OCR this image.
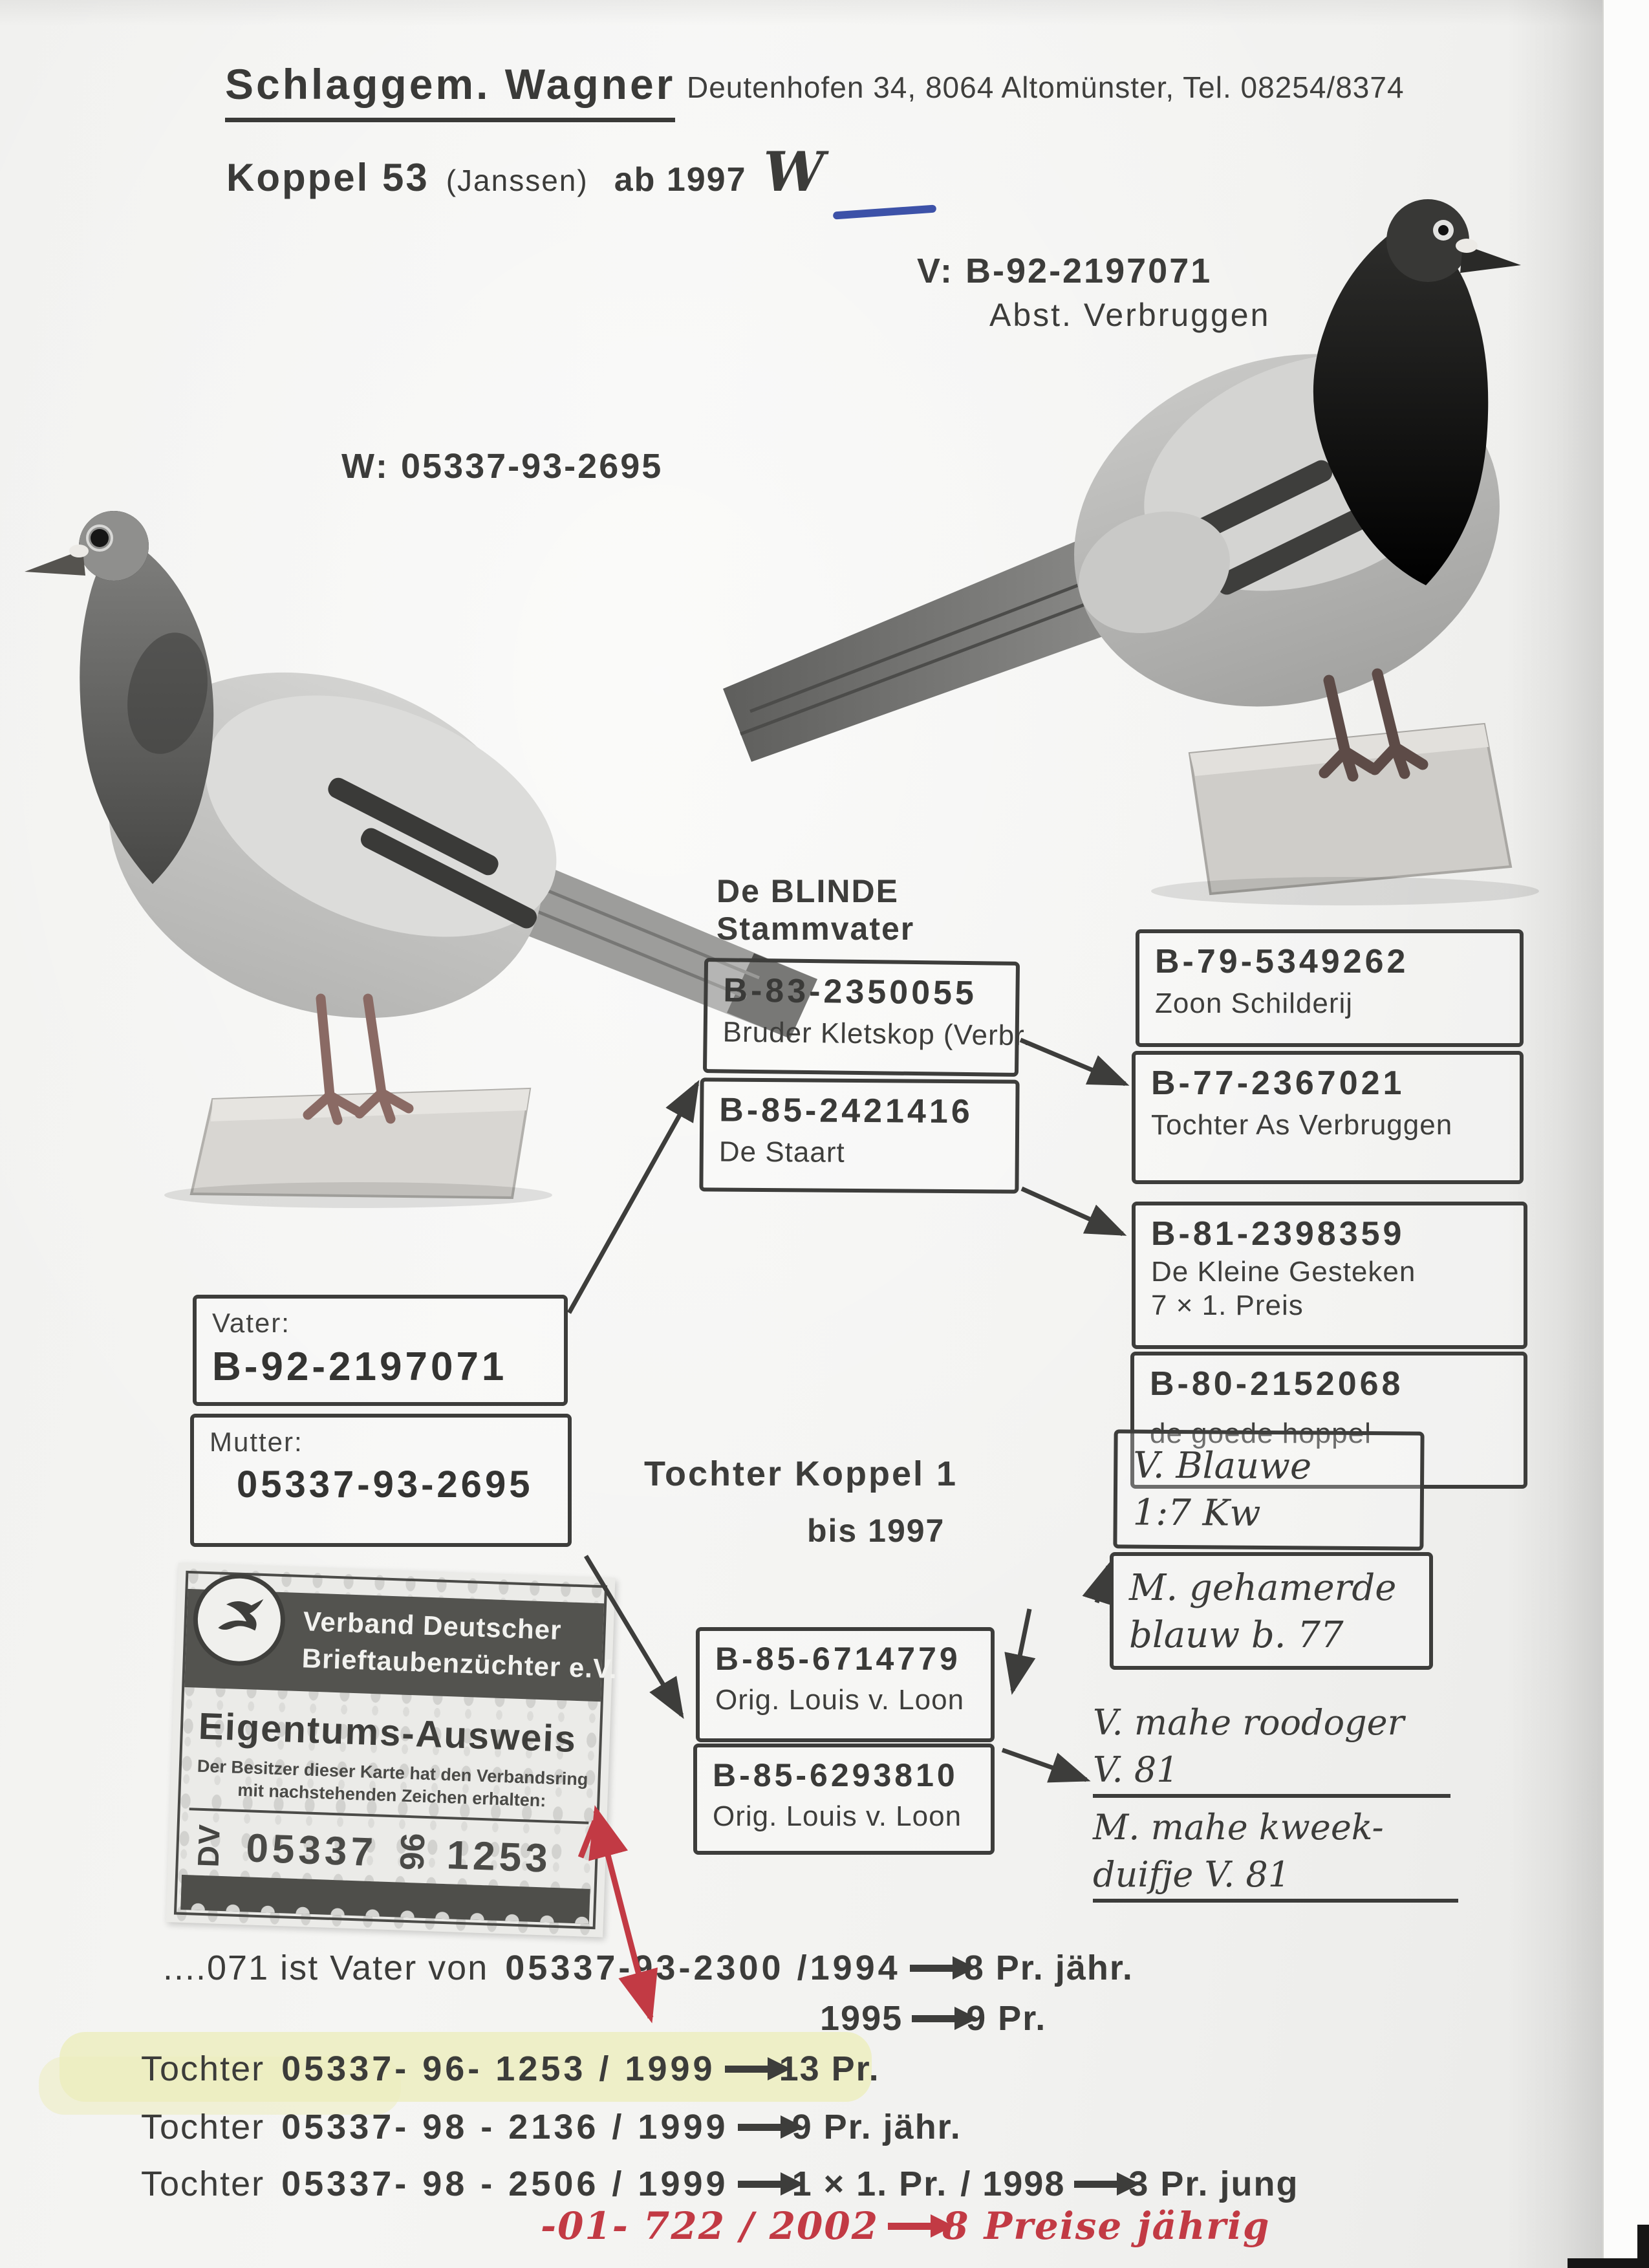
Schlaggem. Wagner Deutenhofen 34, 8064 Altomünster, Tel. 08254/8374
Koppel 53 (Janssen) ab 1997 W
V: B-92-2197071
Abst. Verbruggen
W: 05337-93-2695
De BLINDE
Stammvater
B-83-2350055
Bruder Kletskop (Verbr.
B-85-2421416
De Staart
B-79-5349262
Zoon Schilderij
B-77-2367021
Tochter As Verbruggen
B-81-2398359
De Kleine Gesteken
7 × 1. Preis
B-80-2152068
de goede hoppel
Vater:
B-92-2197071
Mutter:
05337-93-2695	Tochter Koppel 1
bis 1997
B-85-6714779
Orig. Louis v. Loon
B-85-6293810
Orig. Louis v. Loon
V. Blauwe
1:7 Kw
M. gehamerde
blauw b. 77
V. mahe roodoger
V. 81
M. mahe kweek-
duifje V. 81
Verband Deutscher
Brieftaubenzüchter e.V.
Eigentums-Ausweis
Der Besitzer dieser Karte hat den Verbandsring
mit nachstehenden Zeichen erhalten:
DV 05337 96 1253
....071 ist Vater von 05337-93-2300 /1994 8 Pr. jähr.
1995 9 Pr.
Tochter 05337- 96- 1253 / 1999 13 Pr.
Tochter 05337- 98 - 2136 / 1999 9 Pr. jähr.
Tochter 05337- 98 - 2506 / 1999 1 × 1. Pr. / 1998 3 Pr. jung
-01- 722 / 2002 8 Preise jährig
